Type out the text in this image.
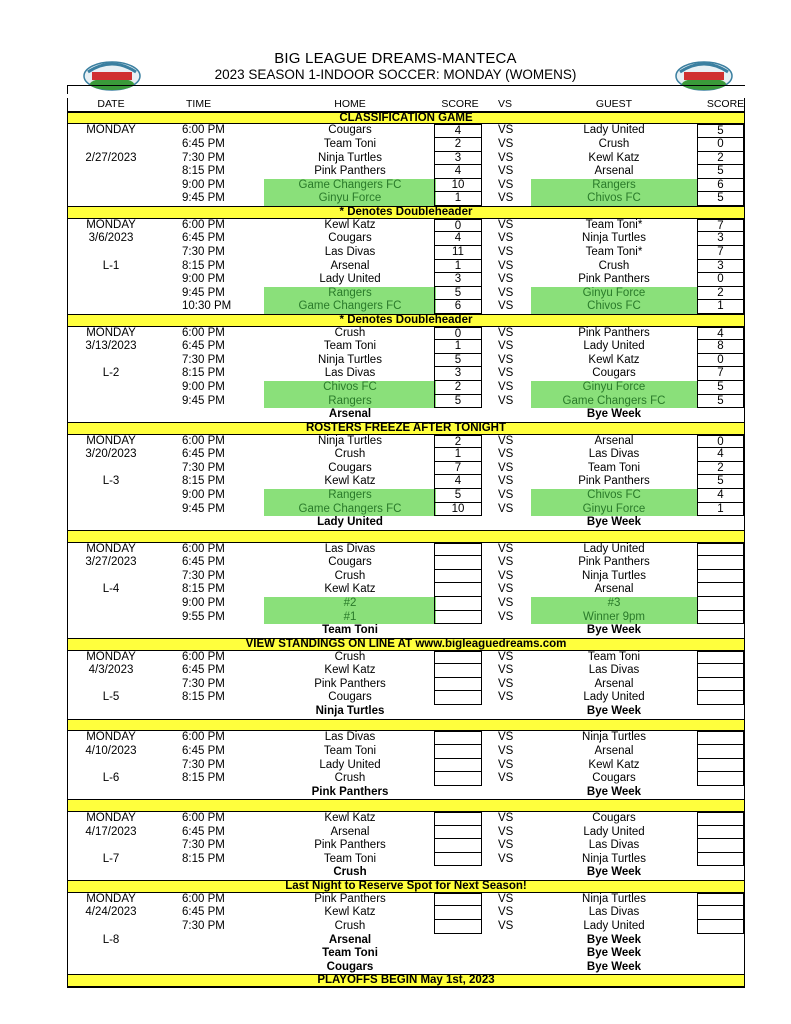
BIG LEAGUE DREAMS-MANTECA
2023 SEASON 1-INDOOR SOCCER: MONDAY (WOMENS)
DATE	TIME	HOME	SCORE	VS	GUEST	SCORE
CLASSIFICATION GAME
MONDAY	6:00 PM	Cougars	4	VS	Lady United	5
6:45 PM	Team Toni	2	VS	Crush	0
2/27/2023	7:30 PM	Ninja Turtles	3	VS	Kewl Katz	2
8:15 PM	Pink Panthers	4	VS	Arsenal	5
9:00 PM	Game Changers FC	10	VS	Rangers	6
9:45 PM	Ginyu Force	1	VS	Chivos FC	5
* Denotes Doubleheader
MONDAY	6:00 PM	Kewl Katz	0	VS	Team Toni*	7
3/6/2023	6:45 PM	Cougars	4	VS	Ninja Turtles	3
7:30 PM	Las Divas	11	VS	Team Toni*	7
L-1	8:15 PM	Arsenal	1	VS	Crush	3
9:00 PM	Lady United	3	VS	Pink Panthers	0
9:45 PM	Rangers	5	VS	Ginyu Force	2
10:30 PM	Game Changers FC	6	VS	Chivos FC	1
* Denotes Doubleheader
MONDAY	6:00 PM	Crush	0	VS	Pink Panthers	4
3/13/2023	6:45 PM	Team Toni	1	VS	Lady United	8
7:30 PM	Ninja Turtles	5	VS	Kewl Katz	0
L-2	8:15 PM	Las Divas	3	VS	Cougars	7
9:00 PM	Chivos FC	2	VS	Ginyu Force	5
9:45 PM	Rangers	5	VS	Game Changers FC	5
Arsenal	Bye Week
ROSTERS FREEZE AFTER TONIGHT
MONDAY	6:00 PM	Ninja Turtles	2	VS	Arsenal	0
3/20/2023	6:45 PM	Crush	1	VS	Las Divas	4
7:30 PM	Cougars	7	VS	Team Toni	2
L-3	8:15 PM	Kewl Katz	4	VS	Pink Panthers	5
9:00 PM	Rangers	5	VS	Chivos FC	4
9:45 PM	Game Changers FC	10	VS	Ginyu Force	1
Lady United	Bye Week
MONDAY	6:00 PM	Las Divas	VS	Lady United
3/27/2023	6:45 PM	Cougars	VS	Pink Panthers
7:30 PM	Crush	VS	Ninja Turtles
L-4	8:15 PM	Kewl Katz	VS	Arsenal
9:00 PM	#2	VS	#3
9:55 PM	#1	VS	Winner 9pm
Team Toni	Bye Week
VIEW STANDINGS ON LINE AT www.bigleaguedreams.com
MONDAY	6:00 PM	Crush	VS	Team Toni
4/3/2023	6:45 PM	Kewl Katz	VS	Las Divas
7:30 PM	Pink Panthers	VS	Arsenal
L-5	8:15 PM	Cougars	VS	Lady United
Ninja Turtles	Bye Week
MONDAY	6:00 PM	Las Divas	VS	Ninja Turtles
4/10/2023	6:45 PM	Team Toni	VS	Arsenal
7:30 PM	Lady United	VS	Kewl Katz
L-6	8:15 PM	Crush	VS	Cougars
Pink Panthers	Bye Week
MONDAY	6:00 PM	Kewl Katz	VS	Cougars
4/17/2023	6:45 PM	Arsenal	VS	Lady United
7:30 PM	Pink Panthers	VS	Las Divas
L-7	8:15 PM	Team Toni	VS	Ninja Turtles
Crush	Bye Week
Last Night to Reserve Spot for Next Season!
MONDAY	6:00 PM	Pink Panthers	VS	Ninja Turtles
4/24/2023	6:45 PM	Kewl Katz	VS	Las Divas
7:30 PM	Crush	VS	Lady United
L-8	Arsenal	Bye Week
Team Toni	Bye Week
Cougars	Bye Week
PLAYOFFS BEGIN May 1st, 2023
